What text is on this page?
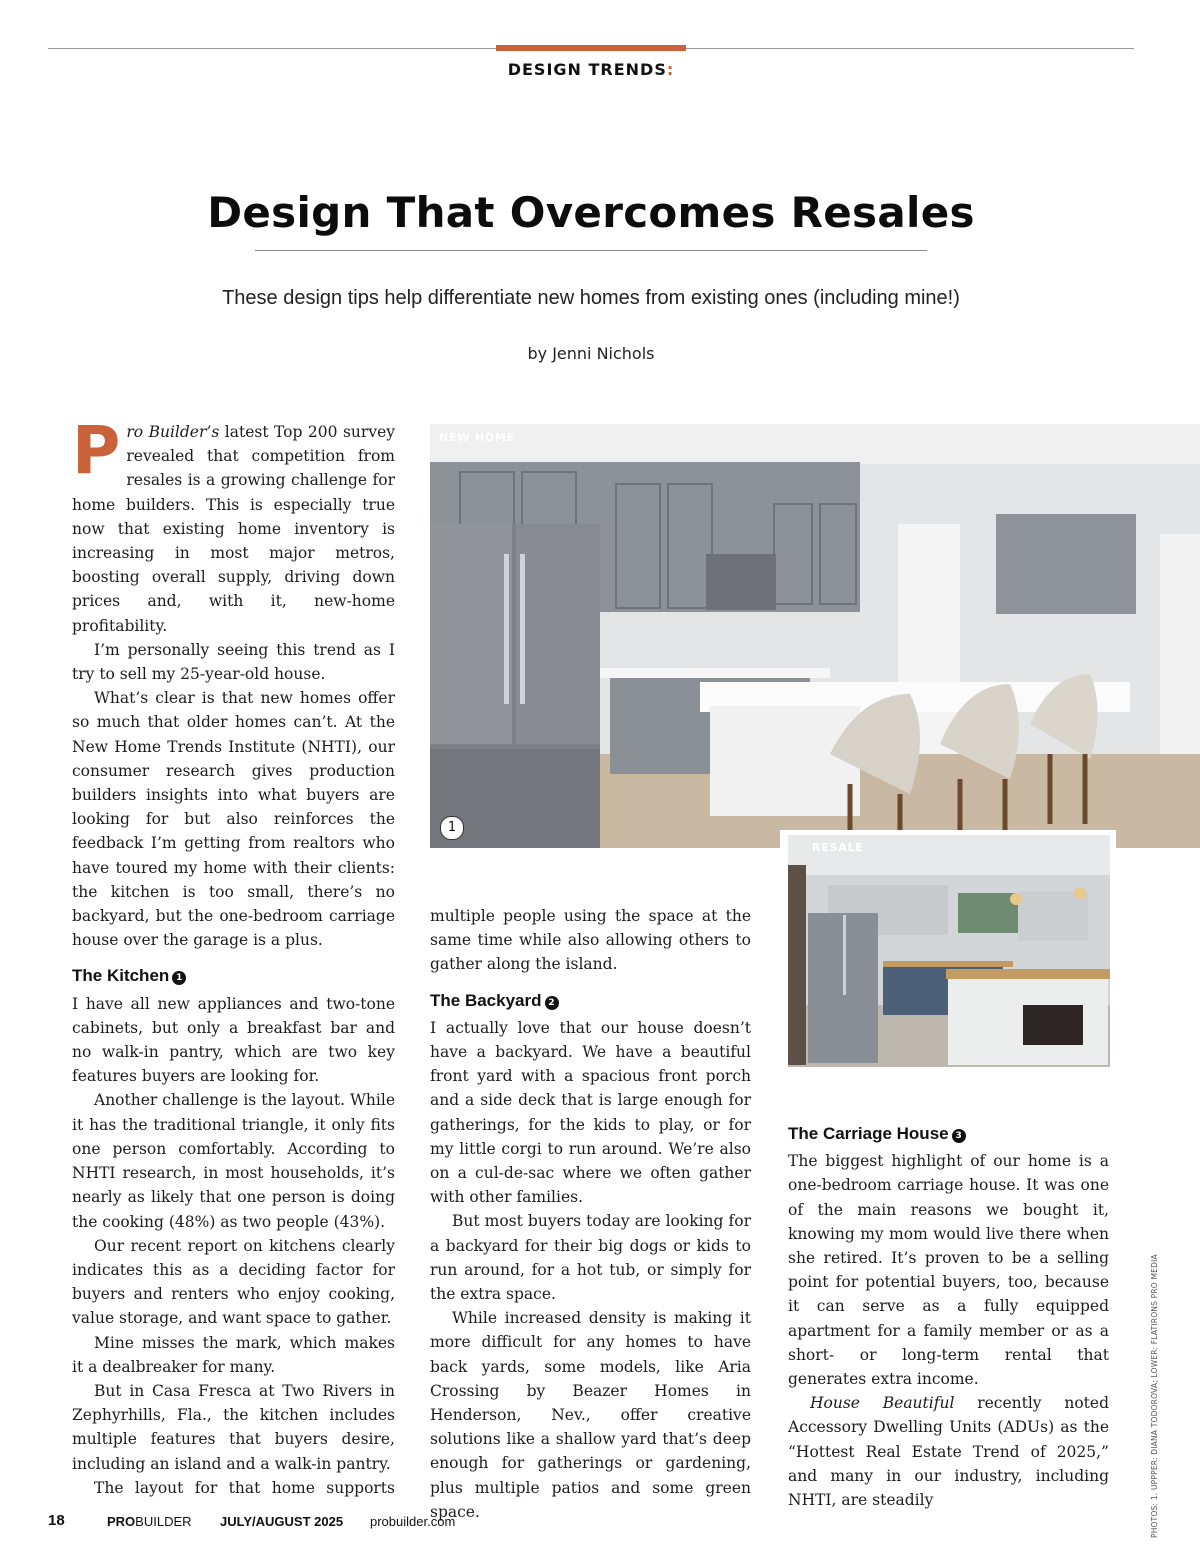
DESIGN TRENDS:
Design That Overcomes Resales
These design tips help differentiate new homes from existing ones (including mine!)
by Jenni Nichols

Pro Builder’s latest Top 200 survey revealed that competition from resales is a growing challenge for home builders. This is especially true now that existing home inventory is increasing in most major metros, boosting overall supply, driving down prices and, with it, new-home profitability.

I’m personally seeing this trend as I try to sell my 25-year-old house.

What’s clear is that new homes offer so much that older homes can’t. At the New Home Trends Institute (NHTI), our consumer research gives production builders insights into what buyers are looking for but also reinforces the feedback I’m getting from realtors who have toured my home with their clients: the kitchen is too small, there’s no backyard, but the one-bedroom carriage house over the garage is a plus.

The Kitchen 1

I have all new appliances and two-tone cabinets, but only a breakfast bar and no walk-in pantry, which are two key features buyers are looking for.

Another challenge is the layout. While it has the traditional triangle, it only fits one person comfortably. According to NHTI research, in most households, it’s nearly as likely that one person is doing the cooking (48%) as two people (43%).

Our recent report on kitchens clearly indicates this as a deciding factor for buyers and renters who enjoy cooking, value storage, and want space to gather.

Mine misses the mark, which makes it a dealbreaker for many.

But in Casa Fresca at Two Rivers in Zephyrhills, Fla., the kitchen includes multiple features that buyers desire, including an island and a walk-in pantry.

The layout for that home supports

NEW HOME
1
RESALE

multiple people using the space at the same time while also allowing others to gather along the island.

The Backyard 2

I actually love that our house doesn’t have a backyard. We have a beautiful front yard with a spacious front porch and a side deck that is large enough for gatherings, for the kids to play, or for my little corgi to run around. We’re also on a cul-de-sac where we often gather with other families.

But most buyers today are looking for a backyard for their big dogs or kids to run around, for a hot tub, or simply for the extra space.

While increased density is making it more difficult for any homes to have back yards, some models, like Aria Crossing by Beazer Homes in Henderson, Nev., offer creative solutions like a shallow yard that’s deep enough for gatherings or gardening, plus multiple patios and some green space.

The Carriage House 3

The biggest highlight of our home is a one-bedroom carriage house. It was one of the main reasons we bought it, knowing my mom would live there when she retired. It’s proven to be a selling point for potential buyers, too, because it can serve as a fully equipped apartment for a family member or as a short- or long-term rental that generates extra income.

House Beautiful recently noted Accessory Dwelling Units (ADUs) as the “Hottest Real Estate Trend of 2025,” and many in our industry, including NHTI, are steadily	PHOTOS: 1. UPPPER: DIANA TODOROVA; LOWER: FLATIRONS PRO MEDIA
18	PROBUILDER JULY/AUGUST 2025 probuilder.com
